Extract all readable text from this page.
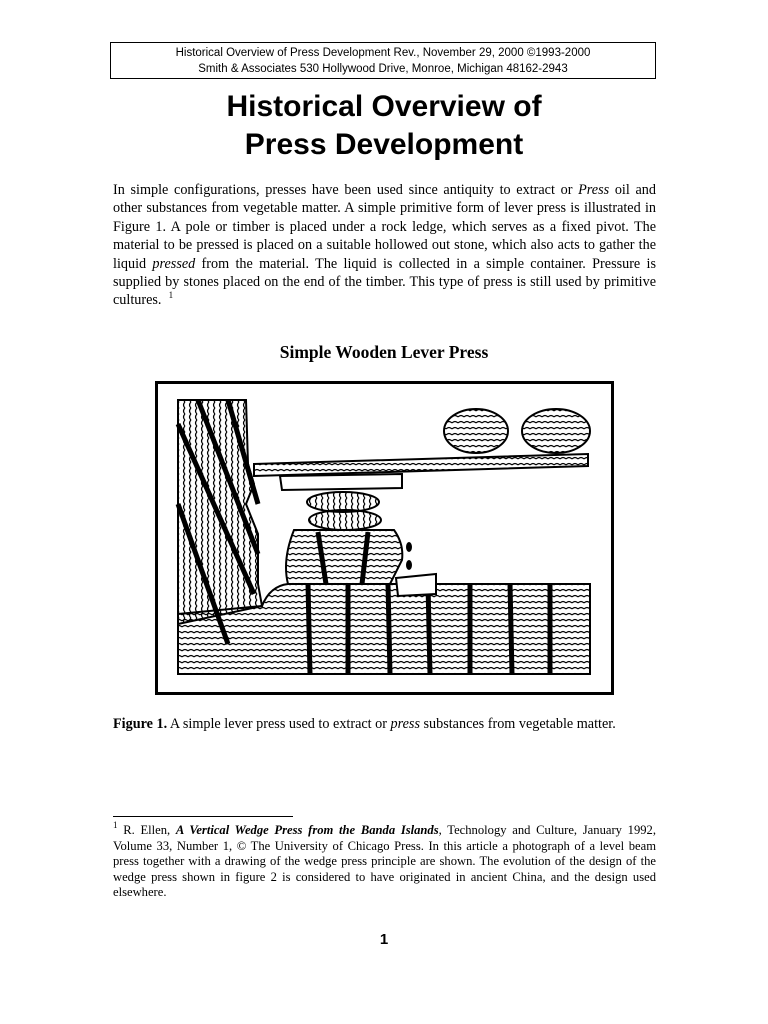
Historical Overview of Press Development Rev., November 29, 2000 ©1993-2000
Smith & Associates 530 Hollywood Drive, Monroe, Michigan 48162-2943
Historical Overview of
Press Development

In simple configurations, presses have been used since antiquity to extract or Press oil and other substances from vegetable matter. A simple primitive form of lever press is illustrated in Figure 1. A pole or timber is placed under a rock ledge, which serves as a fixed pivot. The material to be pressed is placed on a suitable hollowed out stone, which also acts to gather the liquid pressed from the material. The liquid is collected in a simple container. Pressure is supplied by stones placed on the end of the timber. This type of press is still used by primitive cultures. $^1$

Simple Wooden Lever Press

Figure 1. A simple lever press used to extract or press substances from vegetable matter.

$^1$ R. Ellen, A Vertical Wedge Press from the Banda Islands, Technology and Culture, January 1992, Volume 33, Number 1, © The University of Chicago Press. In this article a photograph of a level beam press together with a drawing of the wedge press principle are shown. The evolution of the design of the wedge press shown in figure 2 is considered to have originated in ancient China, and the design used elsewhere.

1
